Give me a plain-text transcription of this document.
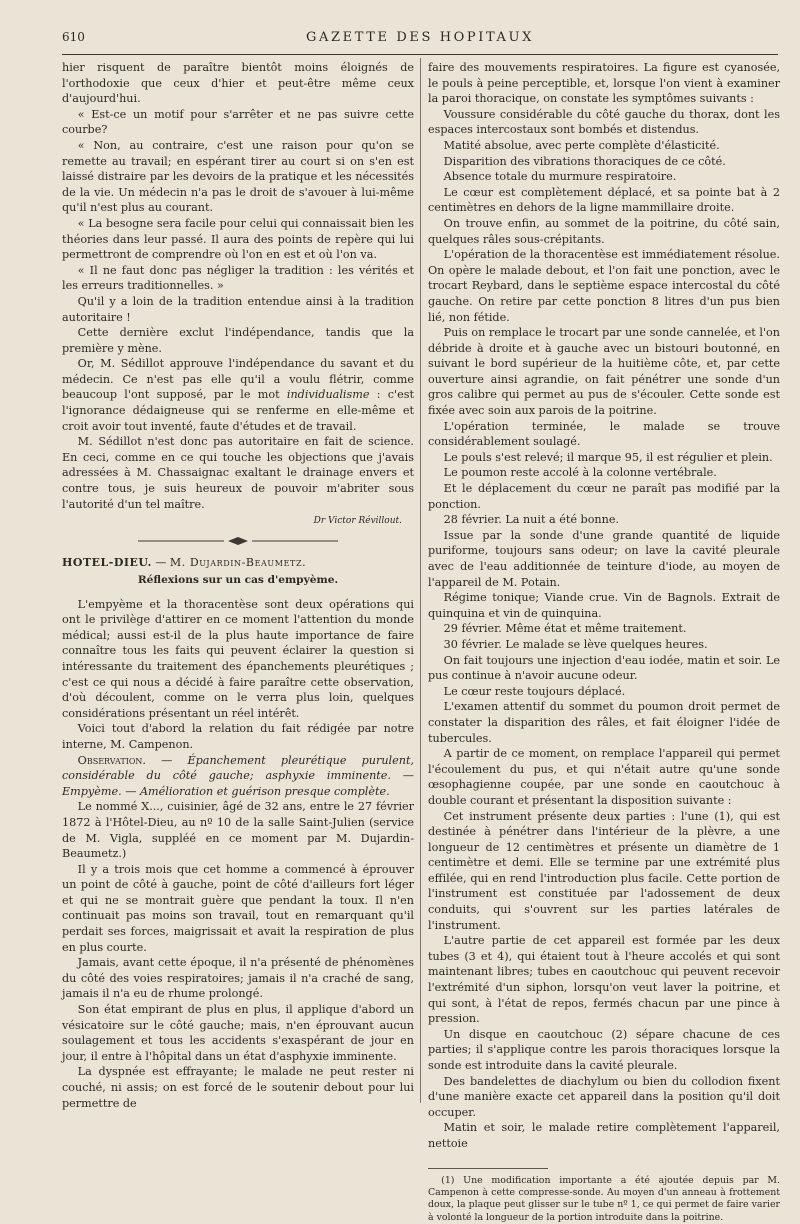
610	GAZETTE DES HOPITAUX

hier risquent de paraître bientôt moins éloignés de l'orthodoxie que ceux d'hier et peut-être même ceux d'aujourd'hui.

« Est-ce un motif pour s'arrêter et ne pas suivre cette courbe?

« Non, au contraire, c'est une raison pour qu'on se remette au travail; en espérant tirer au court si on s'en est laissé distraire par les devoirs de la pratique et les nécessités de la vie. Un médecin n'a pas le droit de s'avouer à lui-même qu'il n'est plus au courant.

« La besogne sera facile pour celui qui connaissait bien les théories dans leur passé. Il aura des points de repère qui lui permettront de comprendre où l'on en est et où l'on va.

« Il ne faut donc pas négliger la tradition : les vérités et les erreurs traditionnelles. »

Qu'il y a loin de la tradition entendue ainsi à la tradition autoritaire !

Cette dernière exclut l'indépendance, tandis que la première y mène.

Or, M. Sédillot approuve l'indépendance du savant et du médecin. Ce n'est pas elle qu'il a voulu flétrir, comme beaucoup l'ont supposé, par le mot individualisme : c'est l'ignorance dédaigneuse qui se renferme en elle-même et croit avoir tout inventé, faute d'études et de travail.

M. Sédillot n'est donc pas autoritaire en fait de science. En ceci, comme en ce qui touche les objections que j'avais adressées à M. Chassaignac exaltant le drainage envers et contre tous, je suis heureux de pouvoir m'abriter sous l'autorité d'un tel maître.

Dr Victor Révillout.

HOTEL-DIEU. — M. Dujardin-Beaumetz.

Réflexions sur un cas d'empyème.

L'empyème et la thoracentèse sont deux opérations qui ont le privilège d'attirer en ce moment l'attention du monde médical; aussi est-il de la plus haute importance de faire connaître tous les faits qui peuvent éclairer la question si intéressante du traitement des épanchements pleurétiques ; c'est ce qui nous a décidé à faire paraître cette observation, d'où découlent, comme on le verra plus loin, quelques considérations présentant un réel intérêt.

Voici tout d'abord la relation du fait rédigée par notre interne, M. Campenon.

Observation. — Épanchement pleurétique purulent, considérable du côté gauche; asphyxie imminente. — Empyème. — Amélioration et guérison presque complète.

Le nommé X..., cuisinier, âgé de 32 ans, entre le 27 février 1872 à l'Hôtel-Dieu, au nº 10 de la salle Saint-Julien (service de M. Vigla, suppléé en ce moment par M. Dujardin-Beaumetz.)

Il y a trois mois que cet homme a commencé à éprouver un point de côté à gauche, point de côté d'ailleurs fort léger et qui ne se montrait guère que pendant la toux. Il n'en continuait pas moins son travail, tout en remarquant qu'il perdait ses forces, maigrissait et avait la respiration de plus en plus courte.

Jamais, avant cette époque, il n'a présenté de phénomènes du côté des voies respiratoires; jamais il n'a craché de sang, jamais il n'a eu de rhume prolongé.

Son état empirant de plus en plus, il applique d'abord un vésicatoire sur le côté gauche; mais, n'en éprouvant aucun soulagement et tous les accidents s'exaspérant de jour en jour, il entre à l'hôpital dans un état d'asphyxie imminente.

La dyspnée est effrayante; le malade ne peut rester ni couché, ni assis; on est forcé de le soutenir debout pour lui permettre de

faire des mouvements respiratoires. La figure est cyanosée, le pouls à peine perceptible, et, lorsque l'on vient à examiner la paroi thoracique, on constate les symptômes suivants :

Voussure considérable du côté gauche du thorax, dont les espaces intercostaux sont bombés et distendus.

Matité absolue, avec perte complète d'élasticité.

Disparition des vibrations thoraciques de ce côté.

Absence totale du murmure respiratoire.

Le cœur est complètement déplacé, et sa pointe bat à 2 centimètres en dehors de la ligne mammillaire droite.

On trouve enfin, au sommet de la poitrine, du côté sain, quelques râles sous-crépitants.

L'opération de la thoracentèse est immédiatement résolue. On opère le malade debout, et l'on fait une ponction, avec le trocart Reybard, dans le septième espace intercostal du côté gauche. On retire par cette ponction 8 litres d'un pus bien lié, non fétide.

Puis on remplace le trocart par une sonde cannelée, et l'on débride à droite et à gauche avec un bistouri boutonné, en suivant le bord supérieur de la huitième côte, et, par cette ouverture ainsi agrandie, on fait pénétrer une sonde d'un gros calibre qui permet au pus de s'écouler. Cette sonde est fixée avec soin aux parois de la poitrine.

L'opération terminée, le malade se trouve considérablement soulagé.

Le pouls s'est relevé; il marque 95, il est régulier et plein.

Le poumon reste accolé à la colonne vertébrale.

Et le déplacement du cœur ne paraît pas modifié par la ponction.

28 février. La nuit a été bonne.

Issue par la sonde d'une grande quantité de liquide puriforme, toujours sans odeur; on lave la cavité pleurale avec de l'eau additionnée de teinture d'iode, au moyen de l'appareil de M. Potain.

Régime tonique; Viande crue. Vin de Bagnols. Extrait de quinquina et vin de quinquina.

29 février. Même état et même traitement.

30 février. Le malade se lève quelques heures.

On fait toujours une injection d'eau iodée, matin et soir. Le pus continue à n'avoir aucune odeur.

Le cœur reste toujours déplacé.

L'examen attentif du sommet du poumon droit permet de constater la disparition des râles, et fait éloigner l'idée de tubercules.

A partir de ce moment, on remplace l'appareil qui permet l'écoulement du pus, et qui n'était autre qu'une sonde œsophagienne coupée, par une sonde en caoutchouc à double courant et présentant la disposition suivante :

Cet instrument présente deux parties : l'une (1), qui est destinée à pénétrer dans l'intérieur de la plèvre, a une longueur de 12 centimètres et présente un diamètre de 1 centimètre et demi. Elle se termine par une extrémité plus effilée, qui en rend l'introduction plus facile. Cette portion de l'instrument est constituée par l'adossement de deux conduits, qui s'ouvrent sur les parties latérales de l'instrument.

L'autre partie de cet appareil est formée par les deux tubes (3 et 4), qui étaient tout à l'heure accolés et qui sont maintenant libres; tubes en caoutchouc qui peuvent recevoir l'extrémité d'un siphon, lorsqu'on veut laver la poitrine, et qui sont, à l'état de repos, fermés chacun par une pince à pression.

Un disque en caoutchouc (2) sépare chacune de ces parties; il s'applique contre les parois thoraciques lorsque la sonde est introduite dans la cavité pleurale.

Des bandelettes de diachylum ou bien du collodion fixent d'une manière exacte cet appareil dans la position qu'il doit occuper.

Matin et soir, le malade retire complètement l'appareil, nettoie

(1) Une modification importante a été ajoutée depuis par M. Campenon à cette compresse-sonde. Au moyen d'un anneau à frottement doux, la plaque peut glisser sur le tube nº 1, ce qui permet de faire varier à volonté la longueur de la portion introduite dans la poitrine.
